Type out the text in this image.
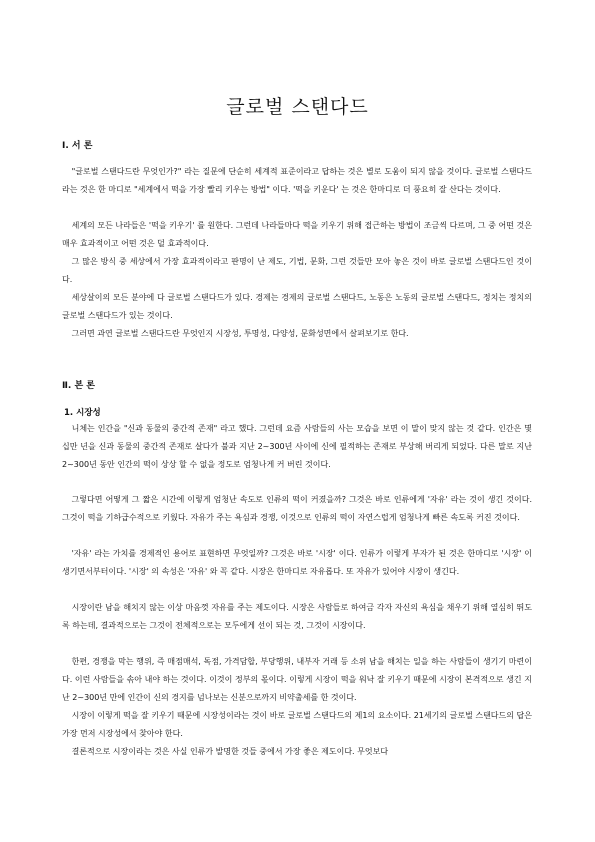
글로벌 스탠다드
Ⅰ. 서 론

"글로벌 스탠다드란 무엇인가?" 라는 질문에 단순히 세계적 표준이라고 답하는 것은 별로 도움이 되지 않을 것이다. 글로벌 스탠다드라는 것은 한 마디로 "세계에서 떡을 가장 빨리 키우는 방법" 이다. '떡을 키운다' 는 것은 한마디로 더 풍요히 잘 산다는 것이다.

세계의 모든 나라들은 '떡을 키우기' 를 원한다. 그런데 나라들마다 떡을 키우기 위해 접근하는 방법이 조금씩 다르며, 그 중 어떤 것은 매우 효과적이고 어떤 것은 덜 효과적이다.

그 많은 방식 중 세상에서 가장 효과적이라고 판명이 난 제도, 기법, 문화, 그런 것들만 모아 놓은 것이 바로 글로벌 스탠다드인 것이다.

세상살이의 모든 분야에 다 글로벌 스탠다드가 있다. 경제는 경제의 글로벌 스탠다드, 노동은 노동의 글로벌 스탠다드, 정치는 정치의 글로벌 스탠다드가 있는 것이다.

그러면 과연 글로벌 스탠다드란 무엇인지 시장성, 투명성, 다양성, 문화성면에서 살펴보기로 한다.

Ⅱ. 본 론
1. 시장성

니체는 인간을 "신과 동물의 중간적 존재" 라고 했다. 그런데 요즘 사람들의 사는 모습을 보면 이 말이 맞지 않는 것 같다. 인간은 몇 십만 년을 신과 동물의 중간적 존재로 살다가 불과 지난 2~300년 사이에 신에 필적하는 존재로 부상해 버리게 되었다. 다른 말로 지난 2~300년 동안 인간의 떡이 상상 할 수 없을 정도로 엄청나게 커 버린 것이다.

그렇다면 어떻게 그 짧은 시간에 이렇게 엄청난 속도로 인류의 떡이 커졌을까? 그것은 바로 인류에게 '자유' 라는 것이 생긴 것이다. 그것이 떡을 기하급수적으로 키웠다. 자유가 주는 욕심과 경쟁, 이것으로 인류의 떡이 자연스럽게 엄청나게 빠른 속도록 커진 것이다.

'자유' 라는 가치를 경제적인 용어로 표현하면 무엇일까? 그것은 바로 '시장' 이다. 인류가 이렇게 부자가 된 것은 한마디로 '시장' 이 생기면서부터이다. '시장' 의 속성은 '자유' 와 꼭 같다. 시장은 한마디로 자유롭다. 또 자유가 있어야 시장이 생긴다.

시장이란 남을 해치지 않는 이상 마음껏 자유를 주는 제도이다. 시장은 사람들로 하여금 각자 자신의 욕심을 채우기 위해 열심히 뛰도록 하는데, 결과적으로는 그것이 전체적으로는 모두에게 선이 되는 것, 그것이 시장이다.

한편, 경쟁을 막는 행위, 즉 매점매석, 독점, 가격담합, 부당행위, 내부자 거래 등 소위 남을 해치는 일을 하는 사람들이 생기기 마련이다. 이런 사람들을 솎아 내야 하는 것이다. 이것이 정부의 몫이다. 이렇게 시장이 떡을 워낙 잘 키우기 때문에 시장이 본격적으로 생긴 지난 2~300년 만에 인간이 신의 경지를 넘나보는 신분으로까지 비약출세를 한 것이다.

시장이 이렇게 떡을 잘 키우기 때문에 시장성이라는 것이 바로 글로벌 스탠다드의 제1의 요소이다. 21세기의 글로벌 스탠다드의 답은 가장 먼저 시장성에서 찾아야 한다.

결론적으로 시장이라는 것은 사실 인류가 발명한 것들 중에서 가장 좋은 제도이다. 무엇보다
